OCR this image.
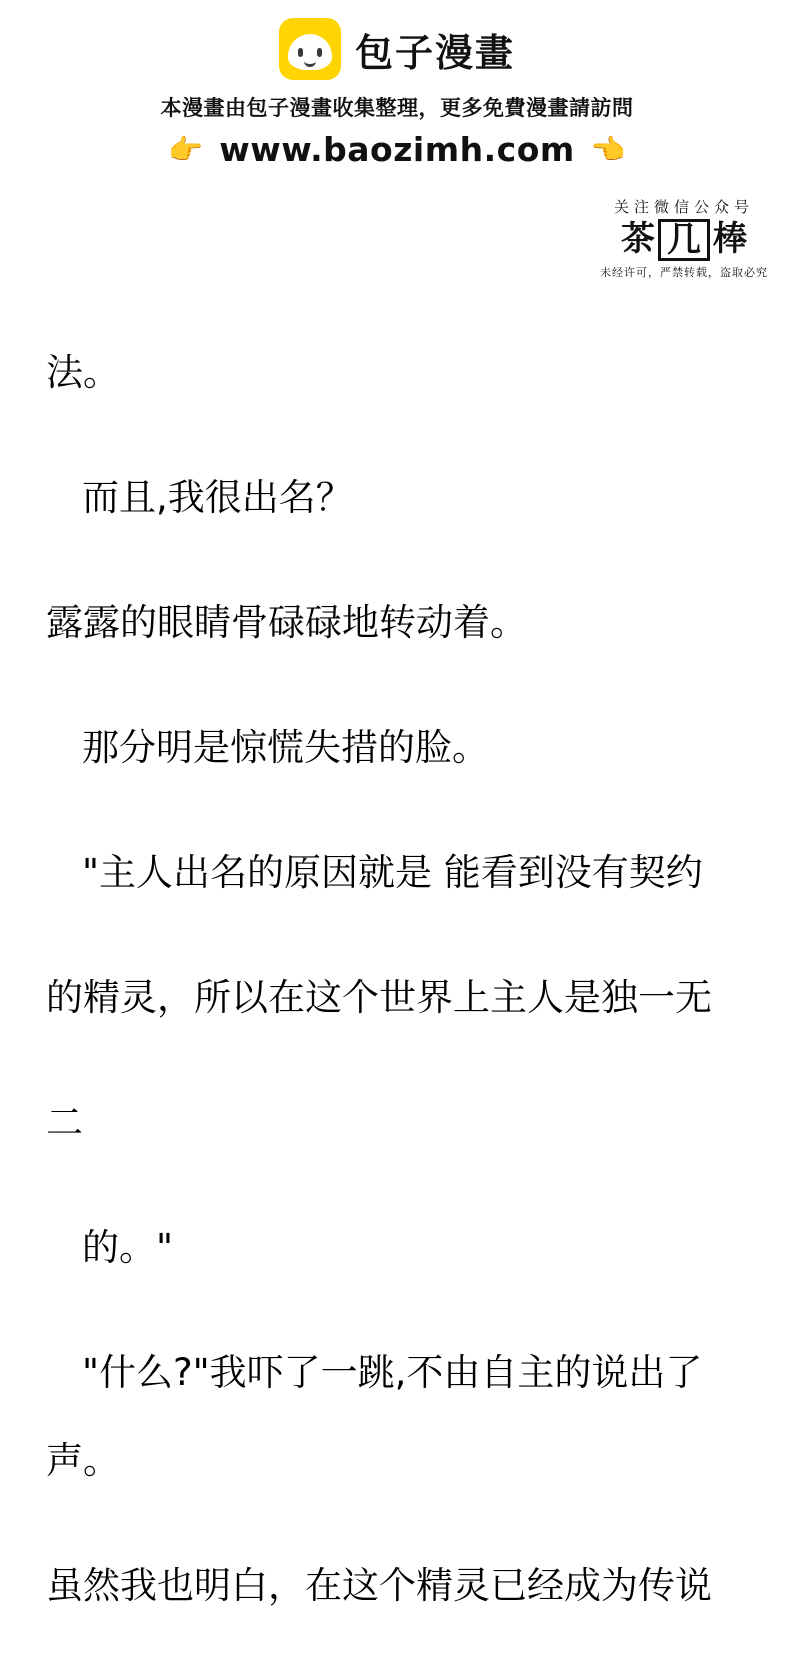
包子漫畫
本漫畫由包子漫畫收集整理，更多免費漫畫請訪問
👉 www.baozimh.com 👈
关注微信公众号
茶 几 棒
未经许可，严禁转载，盗取必究

法。

而且,我很出名？

露露的眼睛骨碌碌地转动着。

那分明是惊慌失措的脸。

"主人出名的原因就是 能看到没有契约

的精灵，所以在这个世界上主人是独一无

二

的。"

"什么?"我吓了一跳,不由自主的说出了声。

虽然我也明白，在这个精灵已经成为传说
